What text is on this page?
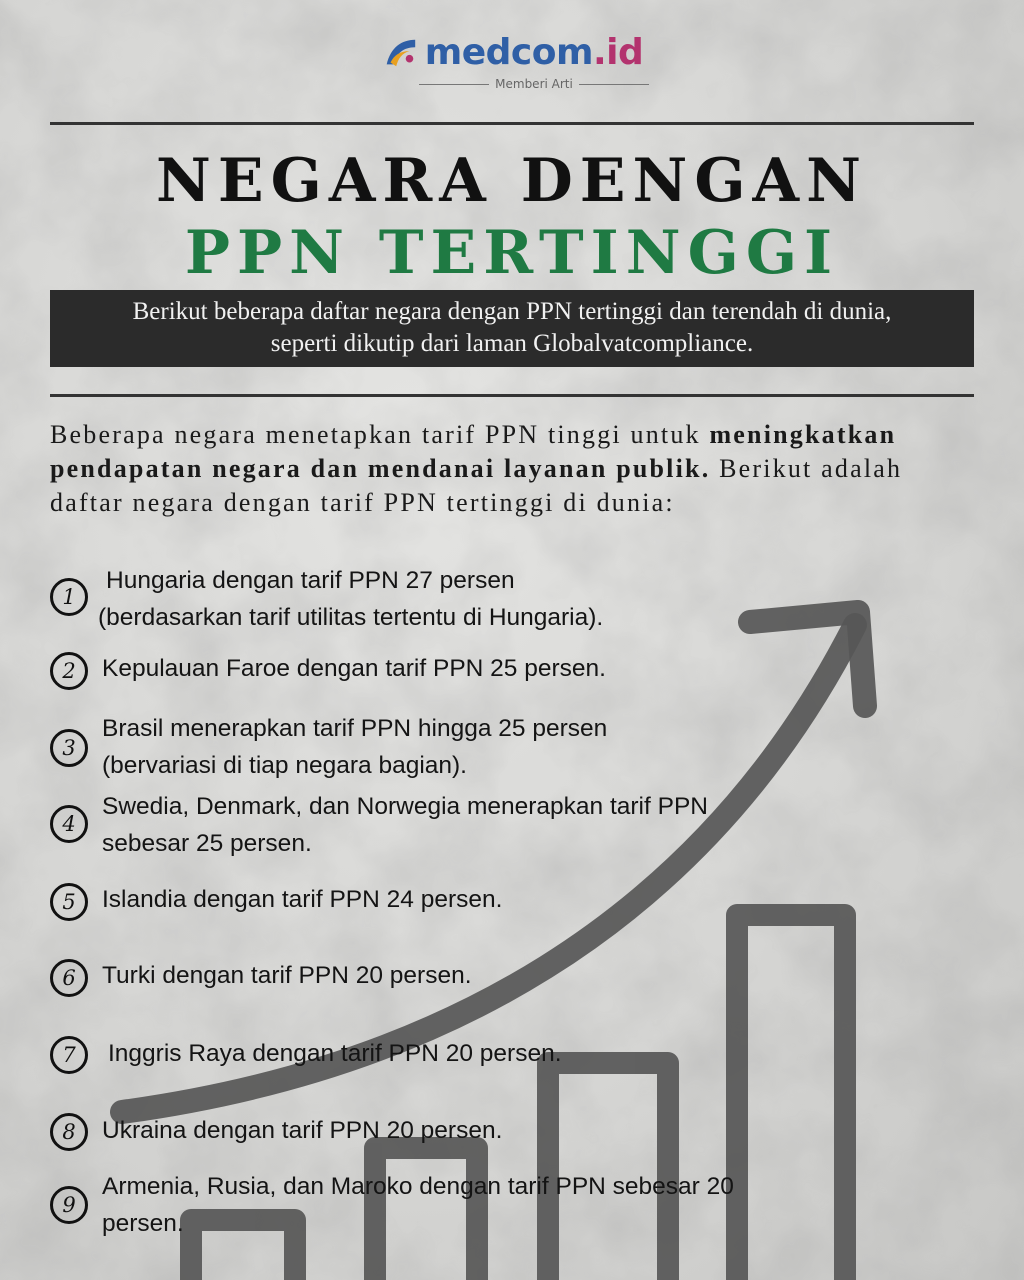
medcom.id
Memberi Arti
NEGARA DENGAN
PPN TERTINGGI
Berikut beberapa daftar negara dengan PPN tertinggi dan terendah di dunia,
seperti dikutip dari laman Globalvatcompliance.
Beberapa negara menetapkan tarif PPN tinggi untuk meningkatkan pendapatan negara dan mendanai layanan publik. Berikut adalah daftar negara dengan tarif PPN tertinggi di dunia:
1
Hungaria dengan tarif PPN 27 persen
(berdasarkan tarif utilitas tertentu di Hungaria).
2	Kepulauan Faroe dengan tarif PPN 25 persen.
3
Brasil menerapkan tarif PPN hingga 25 persen
(bervariasi di tiap negara bagian).
4
Swedia, Denmark, dan Norwegia menerapkan tarif PPN
sebesar 25 persen.
5	Islandia dengan tarif PPN 24 persen.
6	Turki dengan tarif PPN 20 persen.
7	Inggris Raya dengan tarif PPN 20 persen.
8	Ukraina dengan tarif PPN 20 persen.
9
Armenia, Rusia, dan Maroko dengan tarif PPN sebesar 20
persen.
